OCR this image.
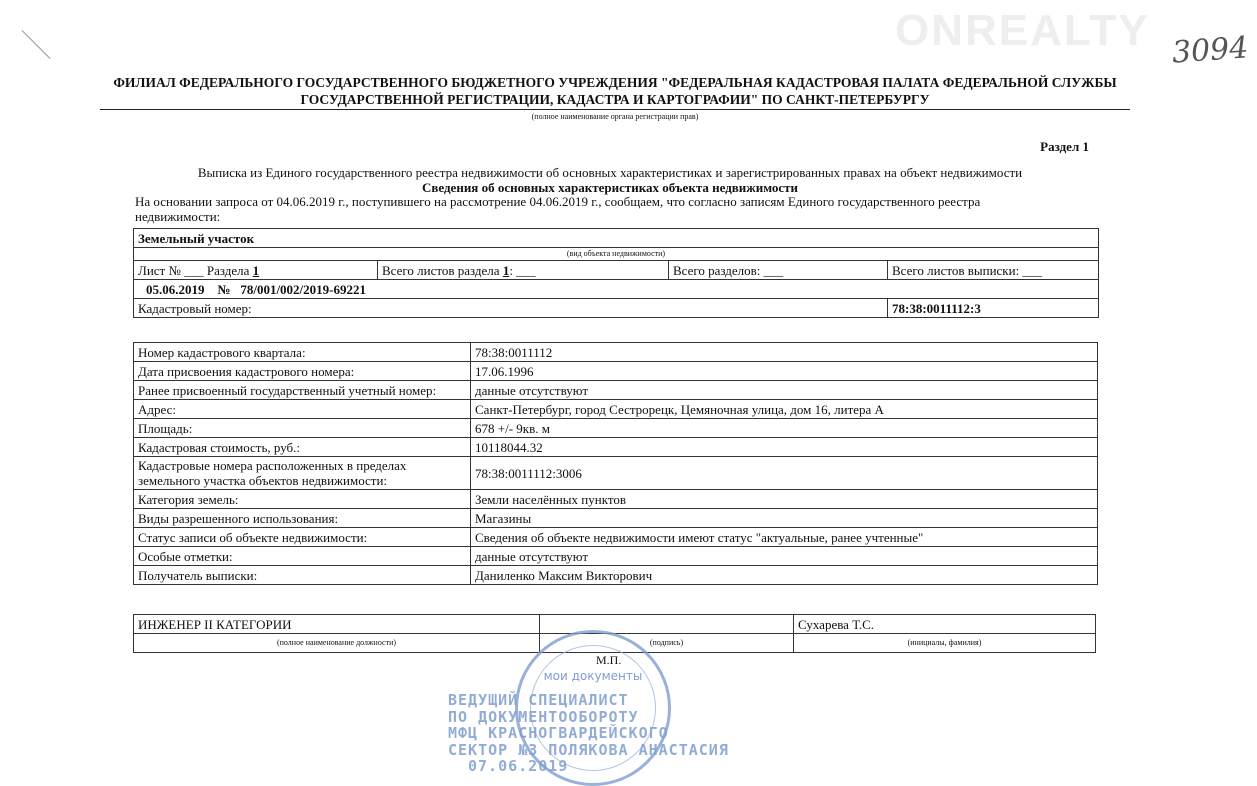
ONREALTY 3094
ФИЛИАЛ ФЕДЕРАЛЬНОГО ГОСУДАРСТВЕННОГО БЮДЖЕТНОГО УЧРЕЖДЕНИЯ "ФЕДЕРАЛЬНАЯ КАДАСТРОВАЯ ПАЛАТА ФЕДЕРАЛЬНОЙ СЛУЖБЫ ГОСУДАРСТВЕННОЙ РЕГИСТРАЦИИ, КАДАСТРА И КАРТОГРАФИИ" ПО САНКТ-ПЕТЕРБУРГУ
(полное наименование органа регистрации прав)
Раздел 1
Выписка из Единого государственного реестра недвижимости об основных характеристиках и зарегистрированных правах на объект недвижимости
Сведения об основных характеристиках объекта недвижимости
На основании запроса от 04.06.2019 г., поступившего на рассмотрение 04.06.2019 г., сообщаем, что согласно записям Единого государственного реестра недвижимости:
Земельный участок			
(вид объекта недвижимости)			
Лист № ___ Раздела 1	Всего листов раздела 1: ___	Всего разделов: ___	Всего листов выписки: ___
05.06.2019 № 78/001/002/2019-69221			
Кадастровый номер:			78:38:0011112:3
Номер кадастрового квартала:	78:38:0011112
Дата присвоения кадастрового номера:	17.06.1996
Ранее присвоенный государственный учетный номер:	данные отсутствуют
Адрес:	Санкт-Петербург, город Сестрорецк, Цемяночная улица, дом 16, литера А
Площадь:	678 +/- 9кв. м
Кадастровая стоимость, руб.:	10118044.32
Кадастровые номера расположенных в пределах земельного участка объектов недвижимости:	78:38:0011112:3006
Категория земель:	Земли населённых пунктов
Виды разрешенного использования:	Магазины
Статус записи об объекте недвижимости:	Сведения об объекте недвижимости имеют статус "актуальные, ранее учтенные"
Особые отметки:	данные отсутствуют
Получатель выписки:	Даниленко Максим Викторович
ИНЖЕНЕР II КАТЕГОРИИ		Сухарева Т.С.
(полное наименование должности)	(подпись)	(инициалы, фамилия)
мои документы
М.П.
ВЕДУЩИЙ СПЕЦИАЛИСТ
ПО ДОКУМЕНТООБОРОТУ
МФЦ КРАСНОГВАРДЕЙСКОГО
СЕКТОР №3 ПОЛЯКОВА АНАСТАСИЯ
07.06.2019
